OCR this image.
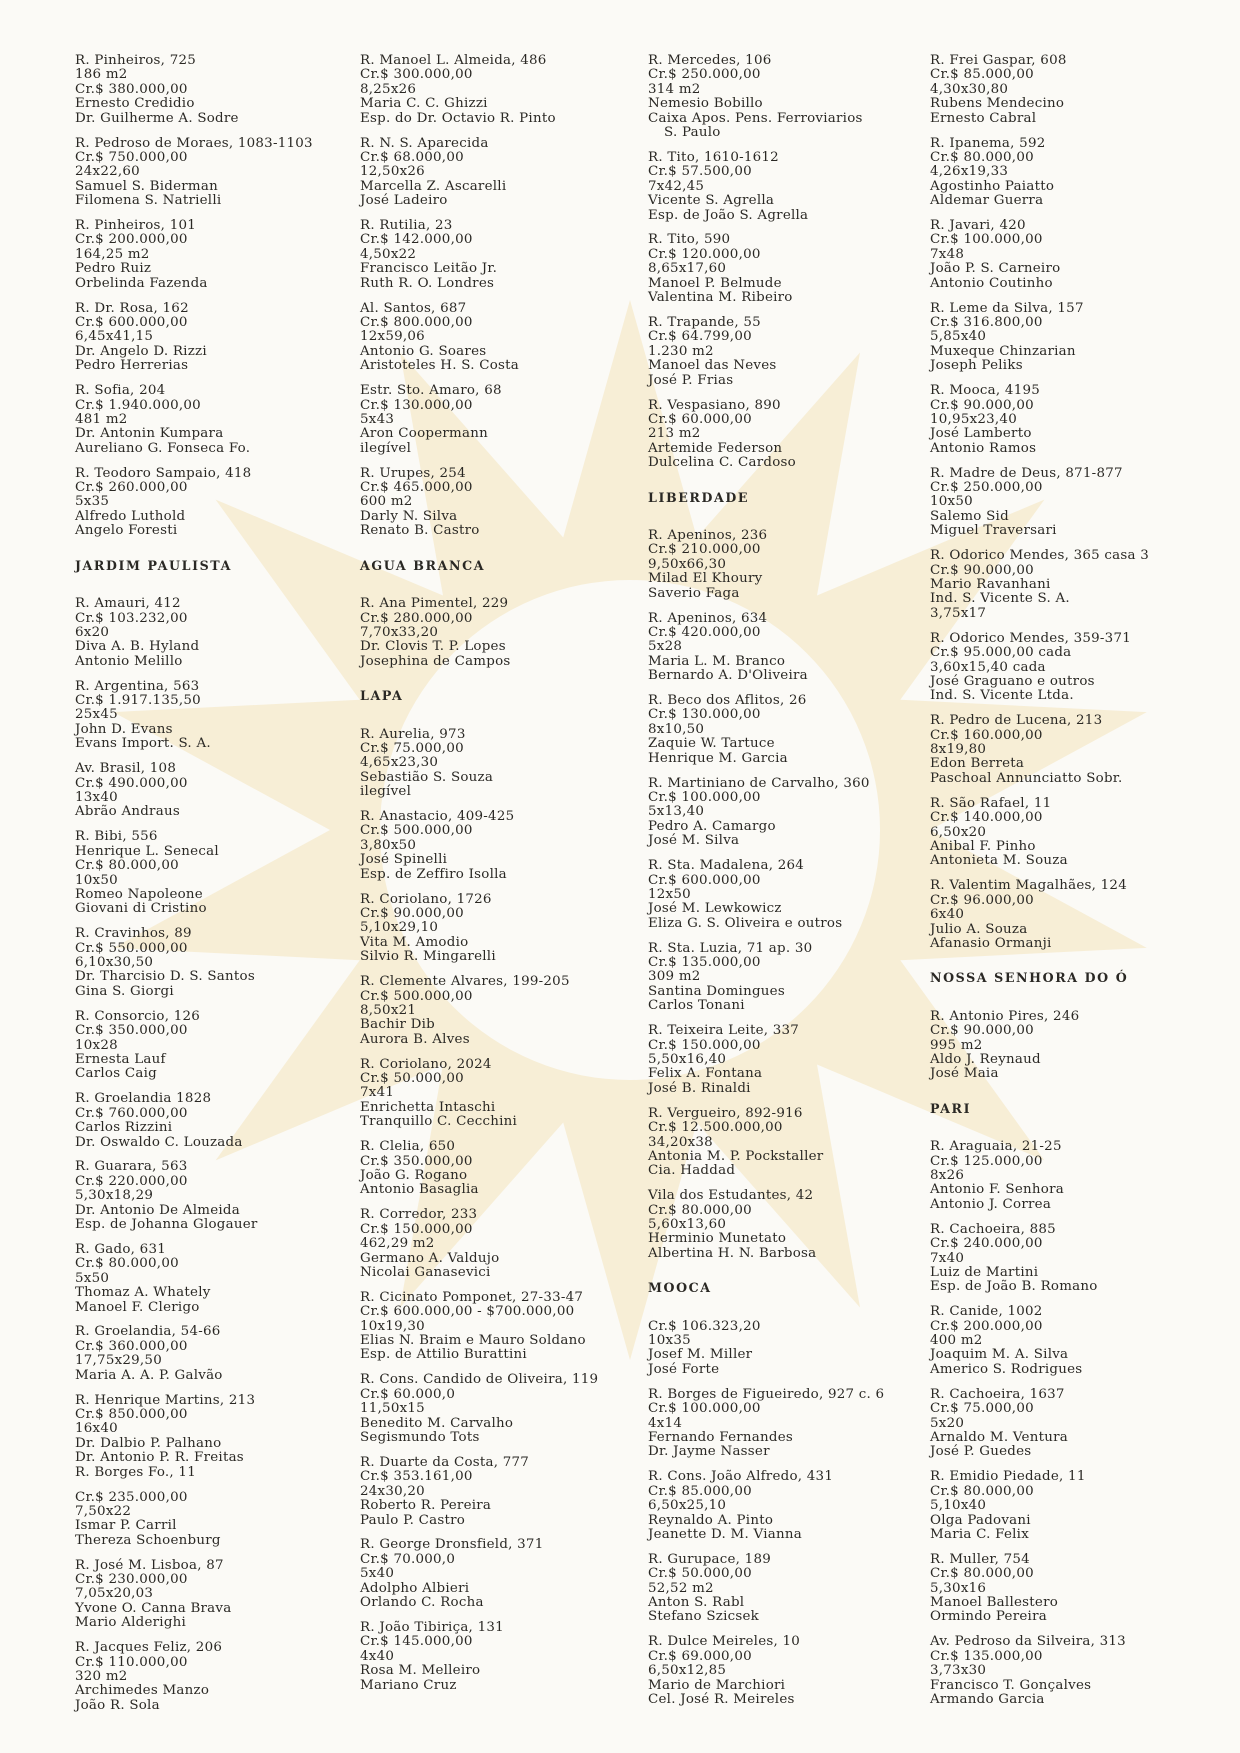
R. Pinheiros, 725
186 m2
Cr.$ 380.000,00
Ernesto Credidio
Dr. Guilherme A. Sodre
R. Pedroso de Moraes, 1083-1103
Cr.$ 750.000,00
24x22,60
Samuel S. Biderman
Filomena S. Natrielli
R. Pinheiros, 101
Cr.$ 200.000,00
164,25 m2
Pedro Ruiz
Orbelinda Fazenda
R. Dr. Rosa, 162
Cr.$ 600.000,00
6,45x41,15
Dr. Angelo D. Rizzi
Pedro Herrerias
R. Sofia, 204
Cr.$ 1.940.000,00
481 m2
Dr. Antonin Kumpara
Aureliano G. Fonseca Fo.
R. Teodoro Sampaio, 418
Cr.$ 260.000,00
5x35
Alfredo Luthold
Angelo Foresti
JARDIM PAULISTA
R. Amauri, 412
Cr.$ 103.232,00
6x20
Diva A. B. Hyland
Antonio Melillo
R. Argentina, 563
Cr.$ 1.917.135,50
25x45
John D. Evans
Evans Import. S. A.
Av. Brasil, 108
Cr.$ 490.000,00
13x40
Abrão Andraus
R. Bibi, 556
Henrique L. Senecal
Cr.$ 80.000,00
10x50
Romeo Napoleone
Giovani di Cristino
R. Cravinhos, 89
Cr.$ 550.000,00
6,10x30,50
Dr. Tharcisio D. S. Santos
Gina S. Giorgi
R. Consorcio, 126
Cr.$ 350.000,00
10x28
Ernesta Lauf
Carlos Caig
R. Groelandia 1828
Cr.$ 760.000,00
Carlos Rizzini
Dr. Oswaldo C. Louzada
R. Guarara, 563
Cr.$ 220.000,00
5,30x18,29
Dr. Antonio De Almeida
Esp. de Johanna Glogauer
R. Gado, 631
Cr.$ 80.000,00
5x50
Thomaz A. Whately
Manoel F. Clerigo
R. Groelandia, 54-66
Cr.$ 360.000,00
17,75x29,50
Maria A. A. P. Galvão
R. Henrique Martins, 213
Cr.$ 850.000,00
16x40
Dr. Dalbio P. Palhano
Dr. Antonio P. R. Freitas
R. Borges Fo., 11
Cr.$ 235.000,00
7,50x22
Ismar P. Carril
Thereza Schoenburg
R. José M. Lisboa, 87
Cr.$ 230.000,00
7,05x20,03
Yvone O. Canna Brava
Mario Alderighi
R. Jacques Feliz, 206
Cr.$ 110.000,00
320 m2
Archimedes Manzo
João R. Sola
R. Manoel L. Almeida, 486
Cr.$ 300.000,00
8,25x26
Maria C. C. Ghizzi
Esp. do Dr. Octavio R. Pinto
R. N. S. Aparecida
Cr.$ 68.000,00
12,50x26
Marcella Z. Ascarelli
José Ladeiro
R. Rutilia, 23
Cr.$ 142.000,00
4,50x22
Francisco Leitão Jr.
Ruth R. O. Londres
Al. Santos, 687
Cr.$ 800.000,00
12x59,06
Antonio G. Soares
Aristoteles H. S. Costa
Estr. Sto. Amaro, 68
Cr.$ 130.000,00
5x43
Aron Coopermann
ilegível
R. Urupes, 254
Cr.$ 465.000,00
600 m2
Darly N. Silva
Renato B. Castro
AGUA BRANCA
R. Ana Pimentel, 229
Cr.$ 280.000,00
7,70x33,20
Dr. Clovis T. P. Lopes
Josephina de Campos
LAPA
R. Aurelia, 973
Cr.$ 75.000,00
4,65x23,30
Sebastião S. Souza
ilegível
R. Anastacio, 409-425
Cr.$ 500.000,00
3,80x50
José Spinelli
Esp. de Zeffiro Isolla
R. Coriolano, 1726
Cr.$ 90.000,00
5,10x29,10
Vita M. Amodio
Silvio R. Mingarelli
R. Clemente Alvares, 199-205
Cr.$ 500.000,00
8,50x21
Bachir Dib
Aurora B. Alves
R. Coriolano, 2024
Cr.$ 50.000,00
7x41
Enrichetta Intaschi
Tranquillo C. Cecchini
R. Clelia, 650
Cr.$ 350.000,00
João G. Rogano
Antonio Basaglia
R. Corredor, 233
Cr.$ 150.000,00
462,29 m2
Germano A. Valdujo
Nicolai Ganasevici
R. Cicinato Pomponet, 27-33-47
Cr.$ 600.000,00 - $700.000,00
10x19,30
Elias N. Braim e Mauro Soldano
Esp. de Attilio Burattini
R. Cons. Candido de Oliveira, 119
Cr.$ 60.000,0
11,50x15
Benedito M. Carvalho
Segismundo Tots
R. Duarte da Costa, 777
Cr.$ 353.161,00
24x30,20
Roberto R. Pereira
Paulo P. Castro
R. George Dronsfield, 371
Cr.$ 70.000,0
5x40
Adolpho Albieri
Orlando C. Rocha
R. João Tibiriça, 131
Cr.$ 145.000,00
4x40
Rosa M. Melleiro
Mariano Cruz
R. Mercedes, 106
Cr.$ 250.000,00
314 m2
Nemesio Bobillo
Caixa Apos. Pens. Ferroviarios
S. Paulo
R. Tito, 1610-1612
Cr.$ 57.500,00
7x42,45
Vicente S. Agrella
Esp. de João S. Agrella
R. Tito, 590
Cr.$ 120.000,00
8,65x17,60
Manoel P. Belmude
Valentina M. Ribeiro
R. Trapande, 55
Cr.$ 64.799,00
1.230 m2
Manoel das Neves
José P. Frias
R. Vespasiano, 890
Cr.$ 60.000,00
213 m2
Artemide Federson
Dulcelina C. Cardoso
LIBERDADE
R. Apeninos, 236
Cr.$ 210.000,00
9,50x66,30
Milad El Khoury
Saverio Faga
R. Apeninos, 634
Cr.$ 420.000,00
5x28
Maria L. M. Branco
Bernardo A. D'Oliveira
R. Beco dos Aflitos, 26
Cr.$ 130.000,00
8x10,50
Zaquie W. Tartuce
Henrique M. Garcia
R. Martiniano de Carvalho, 360
Cr.$ 100.000,00
5x13,40
Pedro A. Camargo
José M. Silva
R. Sta. Madalena, 264
Cr.$ 600.000,00
12x50
José M. Lewkowicz
Eliza G. S. Oliveira e outros
R. Sta. Luzia, 71 ap. 30
Cr.$ 135.000,00
309 m2
Santina Domingues
Carlos Tonani
R. Teixeira Leite, 337
Cr.$ 150.000,00
5,50x16,40
Felix A. Fontana
José B. Rinaldi
R. Vergueiro, 892-916
Cr.$ 12.500.000,00
34,20x38
Antonia M. P. Pockstaller
Cia. Haddad
Vila dos Estudantes, 42
Cr.$ 80.000,00
5,60x13,60
Herminio Munetato
Albertina H. N. Barbosa
MOOCA
Cr.$ 106.323,20
10x35
Josef M. Miller
José Forte
R. Borges de Figueiredo, 927 c. 6
Cr.$ 100.000,00
4x14
Fernando Fernandes
Dr. Jayme Nasser
R. Cons. João Alfredo, 431
Cr.$ 85.000,00
6,50x25,10
Reynaldo A. Pinto
Jeanette D. M. Vianna
R. Gurupace, 189
Cr.$ 50.000,00
52,52 m2
Anton S. Rabl
Stefano Szicsek
R. Dulce Meireles, 10
Cr.$ 69.000,00
6,50x12,85
Mario de Marchiori
Cel. José R. Meireles
R. Frei Gaspar, 608
Cr.$ 85.000,00
4,30x30,80
Rubens Mendecino
Ernesto Cabral
R. Ipanema, 592
Cr.$ 80.000,00
4,26x19,33
Agostinho Paiatto
Aldemar Guerra
R. Javari, 420
Cr.$ 100.000,00
7x48
João P. S. Carneiro
Antonio Coutinho
R. Leme da Silva, 157
Cr.$ 316.800,00
5,85x40
Muxeque Chinzarian
Joseph Peliks
R. Mooca, 4195
Cr.$ 90.000,00
10,95x23,40
José Lamberto
Antonio Ramos
R. Madre de Deus, 871-877
Cr.$ 250.000,00
10x50
Salemo Sid
Miguel Traversari
R. Odorico Mendes, 365 casa 3
Cr.$ 90.000,00
Mario Ravanhani
Ind. S. Vicente S. A.
3,75x17
R. Odorico Mendes, 359-371
Cr.$ 95.000,00 cada
3,60x15,40 cada
José Graguano e outros
Ind. S. Vicente Ltda.
R. Pedro de Lucena, 213
Cr.$ 160.000,00
8x19,80
Edon Berreta
Paschoal Annunciatto Sobr.
R. São Rafael, 11
Cr.$ 140.000,00
6,50x20
Anibal F. Pinho
Antonieta M. Souza
R. Valentim Magalhães, 124
Cr.$ 96.000,00
6x40
Julio A. Souza
Afanasio Ormanji
NOSSA SENHORA DO Ó
R. Antonio Pires, 246
Cr.$ 90.000,00
995 m2
Aldo J. Reynaud
José Maia
PARI
R. Araguaia, 21-25
Cr.$ 125.000,00
8x26
Antonio F. Senhora
Antonio J. Correa
R. Cachoeira, 885
Cr.$ 240.000,00
7x40
Luiz de Martini
Esp. de João B. Romano
R. Canide, 1002
Cr.$ 200.000,00
400 m2
Joaquim M. A. Silva
Americo S. Rodrigues
R. Cachoeira, 1637
Cr.$ 75.000,00
5x20
Arnaldo M. Ventura
José P. Guedes
R. Emidio Piedade, 11
Cr.$ 80.000,00
5,10x40
Olga Padovani
Maria C. Felix
R. Muller, 754
Cr.$ 80.000,00
5,30x16
Manoel Ballestero
Ormindo Pereira
Av. Pedroso da Silveira, 313
Cr.$ 135.000,00
3,73x30
Francisco T. Gonçalves
Armando Garcia
